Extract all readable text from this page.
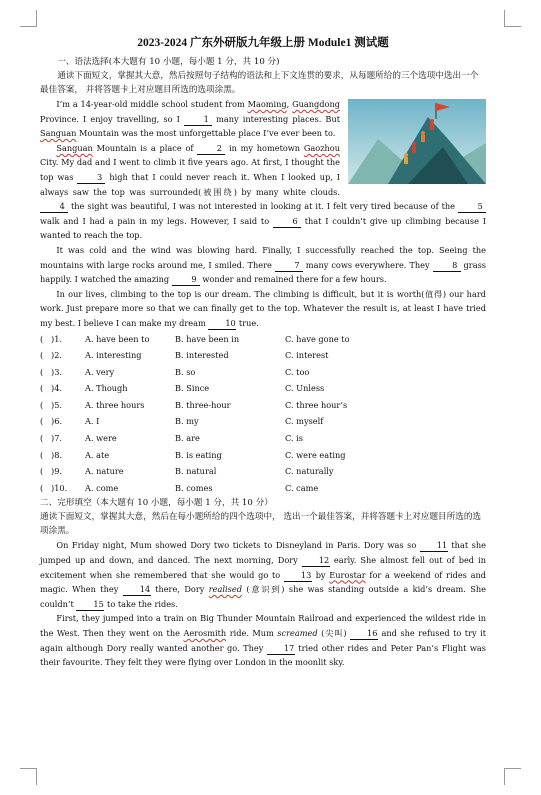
2023-2024 广东外研版九年级上册 Module1 测试题

一、语法选择(本大题有 10 小题，每小题 1 分，共 10 分)

通读下面短文，掌握其大意，然后按照句子结构的语法和上下文连贯的要求，从每题所给的三个选项中选出一个最佳答案， 并将答题卡上对应题目所选的选项涂黑。

I’m a 14-year-old middle school student from Maoming, Guangdong Province. I enjoy travelling, so I 1 many interesting places. But Sanguan Mountain was the most unforgettable place I’ve ever been to.

Sanguan Mountain is a place of 2 in my hometown Gaozhou City. My dad and I went to climb it five years ago. At first, I thought the top was 3 high that I could never reach it. When I looked up, I always saw the top was surrounded(被围绕) by many white clouds. 4 the sight was beautiful, I was not interested in looking at it. I felt very tired because of the 5 walk and I had a pain in my legs. However, I said to 6 that I couldn’t give up climbing because I wanted to reach the top.

It was cold and the wind was blowing hard. Finally, I successfully reached the top. Seeing the mountains with large rocks around me, I smiled. There 7 many cows everywhere. They 8 grass happily. I watched the amazing 9 wonder and remained there for a few hours.

In our lives, climbing to the top is our dream. The climbing is difficult, but it is worth(值得) our hard work. Just prepare more so that we can finally get to the top. Whatever the result is, at least I have tried my best. I believe I can make my dream 10 true.

(   )1.	A. have been to	B. have been in	C. have gone to
(   )2.	A. interesting	B. interested	C. interest
(   )3.	A. very	B. so	C. too
(   )4.	A. Though	B. Since	C. Unless
(   )5.	A. three hours	B. three-hour	C. three hour’s
(   )6.	A. I	B. my	C. myself
(   )7.	A. were	B. are	C. is
(   )8.	A. ate	B. is eating	C. were eating
(   )9.	A. nature	B. natural	C. naturally
(   )10.	A. come	B. comes	C. came

二、完形填空（本大题有 10 小题，每小题 1 分，共 10 分）

通读下面短文，掌握其大意，然后在每小题所给的四个选项中， 选出一个最佳答案，并将答题卡上对应题目所选的选项涂黑。

On Friday night, Mum showed Dory two tickets to Disneyland in Paris. Dory was so 11 that she jumped up and down, and danced. The next morning, Dory 12 early. She almost fell out of bed in excitement when she remembered that she would go to 13 by Eurostar for a weekend of rides and magic. When they 14 there, Dory realised (意识到) she was standing outside a kid’s dream. She couldn’t 15 to take the rides.

First, they jumped into a train on Big Thunder Mountain Railroad and experienced the wildest ride in the West. Then they went on the Aerosmith ride. Mum screamed (尖叫) 16 and she refused to try it again although Dory really wanted another go. They 17 tried other rides and Peter Pan’s Flight was their favourite. They felt they were flying over London in the moonlit sky.
